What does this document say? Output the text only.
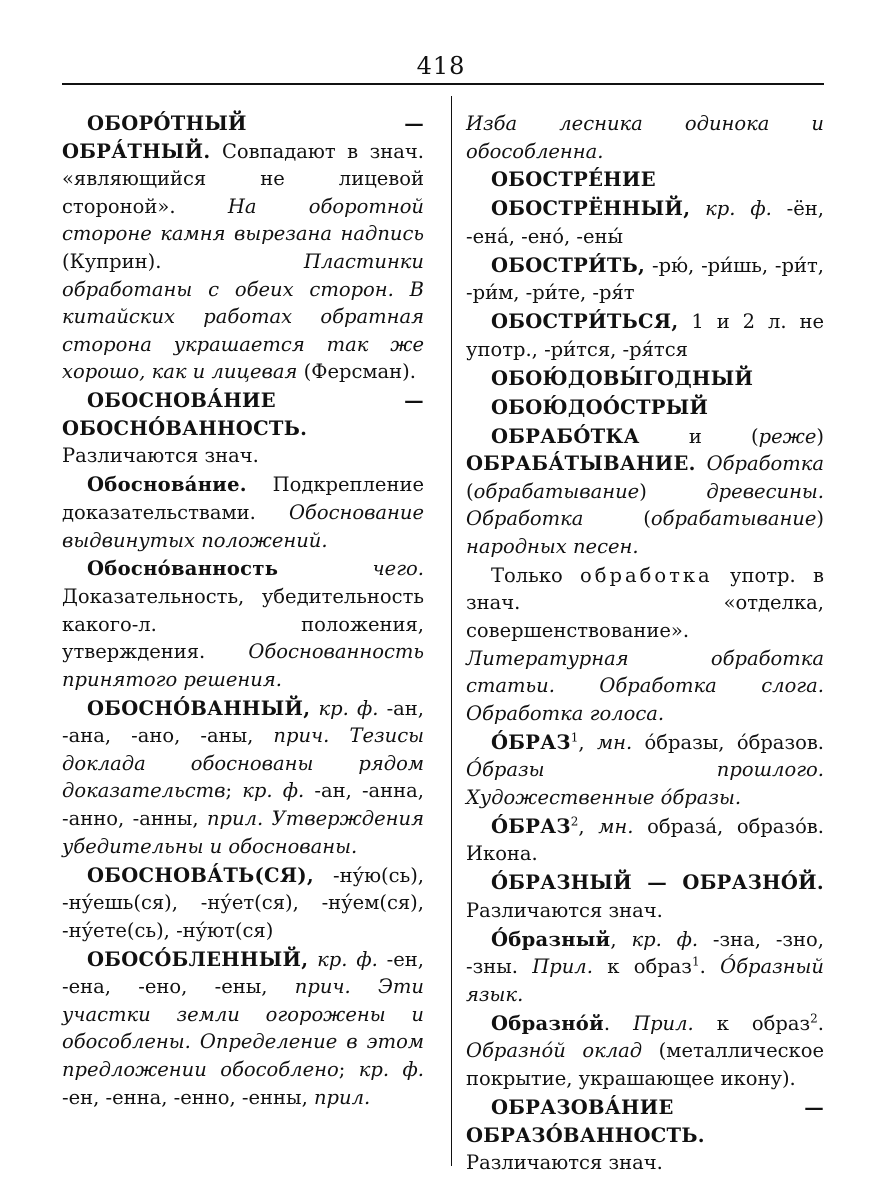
418

ОБОРО́ТНЫЙ — ОБРА́ТНЫЙ. Совпадают в знач. «являющийся не лицевой стороной». На оборотной стороне камня вырезана надпись (Куприн). Пластинки обработаны с обеих сторон. В китайских работах обратная сторона украшается так же хорошо, как и лицевая (Ферсман).

ОБОСНОВА́НИЕ — ОБОСНО́ВАННОСТЬ. Различаются знач.

Обоснова́ние. Подкрепление доказательствами. Обоснование выдвинутых положений.

Обосно́ванность чего. Доказательность, убедительность какого-л. положения, утверждения. Обоснованность принятого решения.

ОБОСНО́ВАННЫЙ, кр. ф. -ан, -ана, -ано, -аны, прич. Тезисы доклада обоснованы рядом доказательств; кр. ф. -ан, -анна, -анно, -анны, прил. Утверждения убедительны и обоснованы.

ОБОСНОВА́ТЬ(СЯ), -ну́ю(сь), -ну́ешь(ся), -ну́ет(ся), -ну́ем(ся), -ну́ете(сь), -ну́ют(ся)

ОБОСО́БЛЕННЫЙ, кр. ф. -ен, -ена, -ено, -ены, прич. Эти участки земли огорожены и обособлены. Определение в этом предложении обособлено; кр. ф. -ен, -енна, -енно, -енны, прил.

Изба лесника одинока и обособленна.

ОБОСТРЕ́НИЕ

ОБОСТРЁННЫЙ, кр. ф. -ён, -ена́, -ено́, -ены́

ОБОСТРИ́ТЬ, -рю́, -ри́шь, -ри́т, -ри́м, -ри́те, -ря́т

ОБОСТРИ́ТЬСЯ, 1 и 2 л. не употр., -ри́тся, -ря́тся

ОБОЮ́ДОВЫ́ГОДНЫЙ

ОБОЮ́ДОО́СТРЫЙ

ОБРАБО́ТКА и (реже) ОБРАБА́ТЫВАНИЕ. Обработка (обрабатывание) древесины. Обработка (обрабатывание) народных песен.

Только обработка употр. в знач. «отделка, совершенствование». Литературная обработка статьи. Обработка слога. Обработка голоса.

О́БРАЗ$^1$, мн. о́бразы, о́бразов. О́бразы прошлого. Художественные о́бразы.

О́БРАЗ$^2$, мн. образа́, образо́в. Икона.

О́БРАЗНЫЙ — ОБРАЗНО́Й. Различаются знач.

О́бразный, кр. ф. -зна, -зно, -зны. Прил. к образ$^1$. О́бразный язык.

Образно́й. Прил. к образ$^2$. Образно́й оклад (металлическое покрытие, украшающее икону).

ОБРАЗОВА́НИЕ — ОБРАЗО́ВАННОСТЬ. Различаются знач.
